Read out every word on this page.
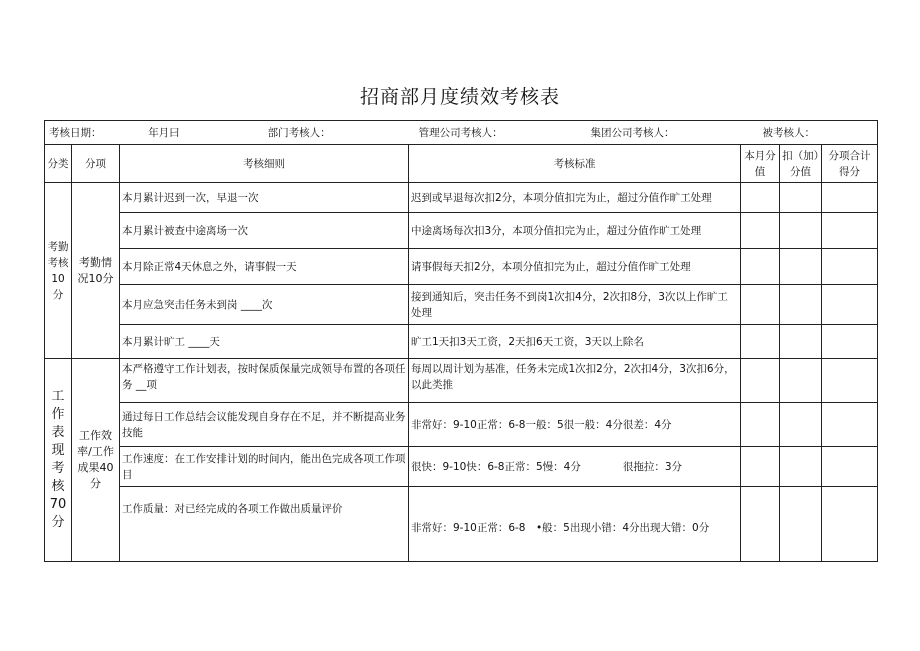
招商部月度绩效考核表
考核日期： 年月曰 部门考核人： 管理公司考核人： 集团公司考核人： 被考核人：						

分类	分项	考核细则	考核标准	本月分值	扣（加）分值	分项合计得分
考勤考核10分	考勤情况10分	本月累计迟到一次，早退一次	迟到或早退每次扣2分，本项分值扣完为止，超过分值作旷工处理			
		本月累计被查中途离场一次	中途离场每次扣3分，本项分值扣完为止，超过分值作旷工处理			
		本月除正常4天休息之外，请事假一天	请事假每天扣2分，本项分值扣完为止，超过分值作旷工处理			
		本月应急突击任务未到岗 ____次	接到通知后，突击任务不到岗1次扣4分，2次扣8分，3次以上作旷工处理			
		本月累计旷工 ____天	旷工1天扣3天工资，2天扣6天工资，3天以上除名			
工作表现考核70分	工作效率/工作成果40分	本严格遵守工作计划表，按时保质保量完成领导布置的各项任务 __项	每周以周计划为基准，任务未完成1次扣2分，2次扣4分，3次扣6分，以此类推			
		通过每日工作总结会议能发现自身存在不足，并不断提高业务技能	非常好：9-10正常：6-8一般：5很一般：4分很差：4分			
		工作速度：在工作安排计划的时间内，能出色完成各项工作项目	很快：9-10快：6-8正常：5慢：4分　　　　很拖拉：3分			
		工作质量：对已经完成的各项工作做出质量评价	非常好：9-10正常：6-8　•般：5出现小错：4分出现大错：0分			
